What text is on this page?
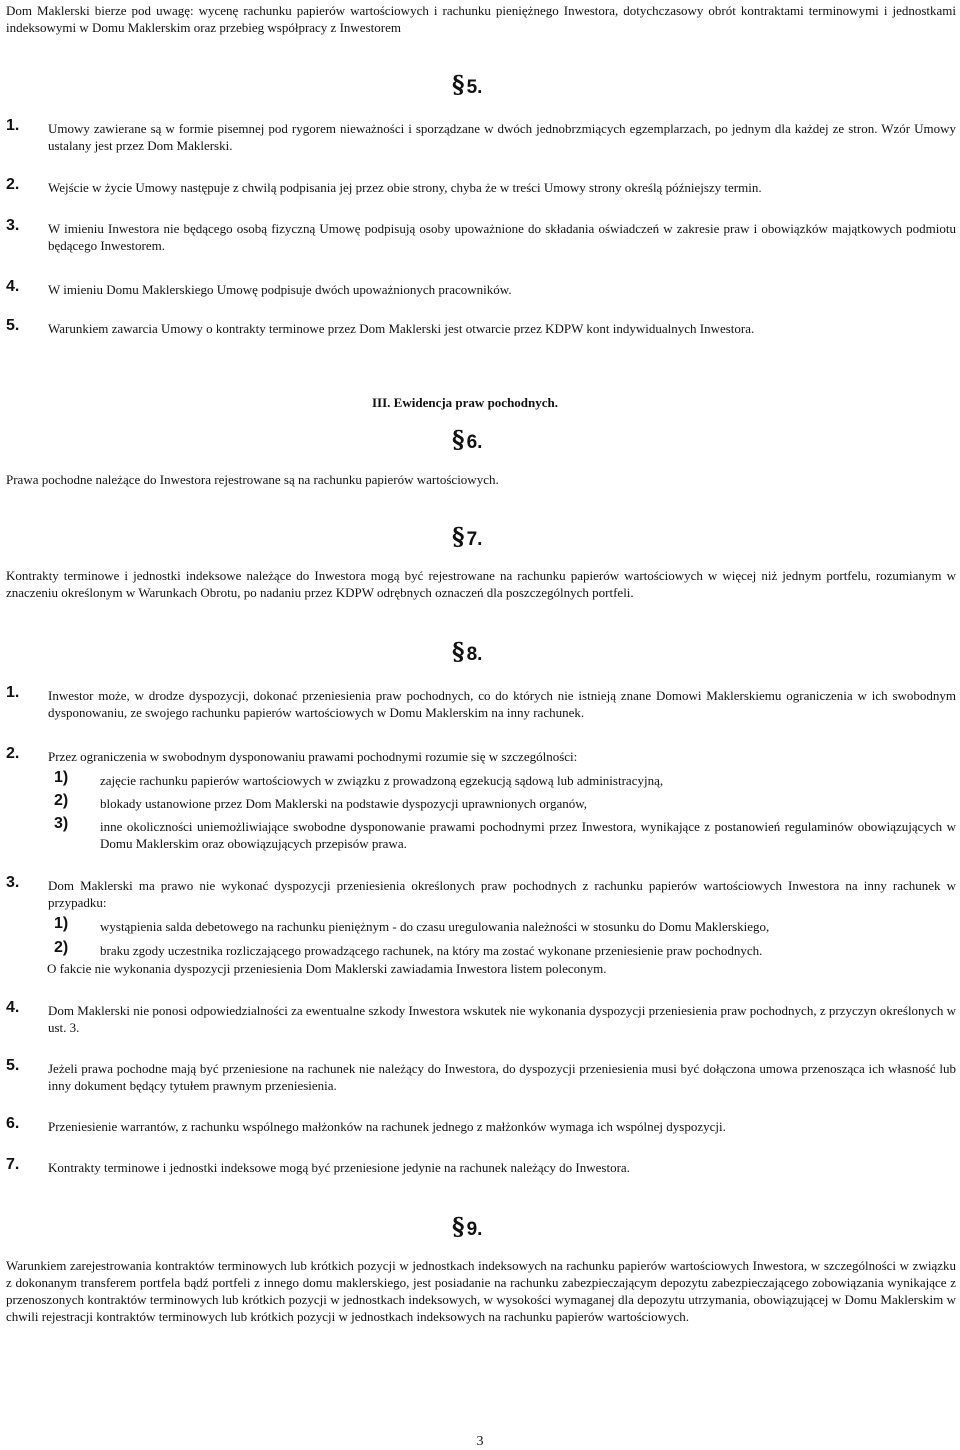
Dom Maklerski bierze pod uwagę: wycenę rachunku papierów wartościowych i rachunku pieniężnego Inwestora, dotychczasowy obrót kontraktami terminowymi i jednostkami indeksowymi w Domu Maklerskim oraz przebieg współpracy z Inwestorem

§ 5.
1. Umowy zawierane są w formie pisemnej pod rygorem nieważności i sporządzane w dwóch jednobrzmiących egzemplarzach, po jednym dla każdej ze stron. Wzór Umowy ustalany jest przez Dom Maklerski.
2. Wejście w życie Umowy następuje z chwilą podpisania jej przez obie strony, chyba że w treści Umowy strony określą późniejszy termin.
3. W imieniu Inwestora nie będącego osobą fizyczną Umowę podpisują osoby upoważnione do składania oświadczeń w zakresie praw i obowiązków majątkowych podmiotu będącego Inwestorem.
4. W imieniu Domu Maklerskiego Umowę podpisuje dwóch upoważnionych pracowników.
5. Warunkiem zawarcia Umowy o kontrakty terminowe przez Dom Maklerski jest otwarcie przez KDPW kont indywidualnych Inwestora.
III. Ewidencja praw pochodnych.
§ 6.
Prawa pochodne należące do Inwestora rejestrowane są na rachunku papierów wartościowych.
§ 7.

Kontrakty terminowe i jednostki indeksowe należące do Inwestora mogą być rejestrowane na rachunku papierów wartościowych w więcej niż jednym portfelu, rozumianym w znaczeniu określonym w Warunkach Obrotu, po nadaniu przez KDPW odrębnych oznaczeń dla poszczególnych portfeli.

§ 8.
1. Inwestor może, w drodze dyspozycji, dokonać przeniesienia praw pochodnych, co do których nie istnieją znane Domowi Maklerskiemu ograniczenia w ich swobodnym dysponowaniu, ze swojego rachunku papierów wartościowych w Domu Maklerskim na inny rachunek.
2. Przez ograniczenia w swobodnym dysponowaniu prawami pochodnymi rozumie się w szczególności:
1) zajęcie rachunku papierów wartościowych w związku z prowadzoną egzekucją sądową lub administracyjną,
2) blokady ustanowione przez Dom Maklerski na podstawie dyspozycji uprawnionych organów,
3) inne okoliczności uniemożliwiające swobodne dysponowanie prawami pochodnymi przez Inwestora, wynikające z postanowień regulaminów obowiązujących w Domu Maklerskim oraz obowiązujących przepisów prawa.
3. Dom Maklerski ma prawo nie wykonać dyspozycji przeniesienia określonych praw pochodnych z rachunku papierów wartościowych Inwestora na inny rachunek w przypadku:
1) wystąpienia salda debetowego na rachunku pieniężnym - do czasu uregulowania należności w stosunku do Domu Maklerskiego,
2) braku zgody uczestnika rozliczającego prowadzącego rachunek, na który ma zostać wykonane przeniesienie praw pochodnych.
O fakcie nie wykonania dyspozycji przeniesienia Dom Maklerski zawiadamia Inwestora listem poleconym.
4. Dom Maklerski nie ponosi odpowiedzialności za ewentualne szkody Inwestora wskutek nie wykonania dyspozycji przeniesienia praw pochodnych, z przyczyn określonych w ust. 3.
5. Jeżeli prawa pochodne mają być przeniesione na rachunek nie należący do Inwestora, do dyspozycji przeniesienia musi być dołączona umowa przenosząca ich własność lub inny dokument będący tytułem prawnym przeniesienia.
6. Przeniesienie warrantów, z rachunku wspólnego małżonków na rachunek jednego z małżonków wymaga ich wspólnej dyspozycji.
7. Kontrakty terminowe i jednostki indeksowe mogą być przeniesione jedynie na rachunek należący do Inwestora.
§ 9.

Warunkiem zarejestrowania kontraktów terminowych lub krótkich pozycji w jednostkach indeksowych na rachunku papierów wartościowych Inwestora, w szczególności w związku z dokonanym transferem portfela bądź portfeli z innego domu maklerskiego, jest posiadanie na rachunku zabezpieczającym depozytu zabezpieczającego zobowiązania wynikające z przenoszonych kontraktów terminowych lub krótkich pozycji w jednostkach indeksowych, w wysokości wymaganej dla depozytu utrzymania, obowiązującej w Domu Maklerskim w chwili rejestracji kontraktów terminowych lub krótkich pozycji w jednostkach indeksowych na rachunku papierów wartościowych.

3
